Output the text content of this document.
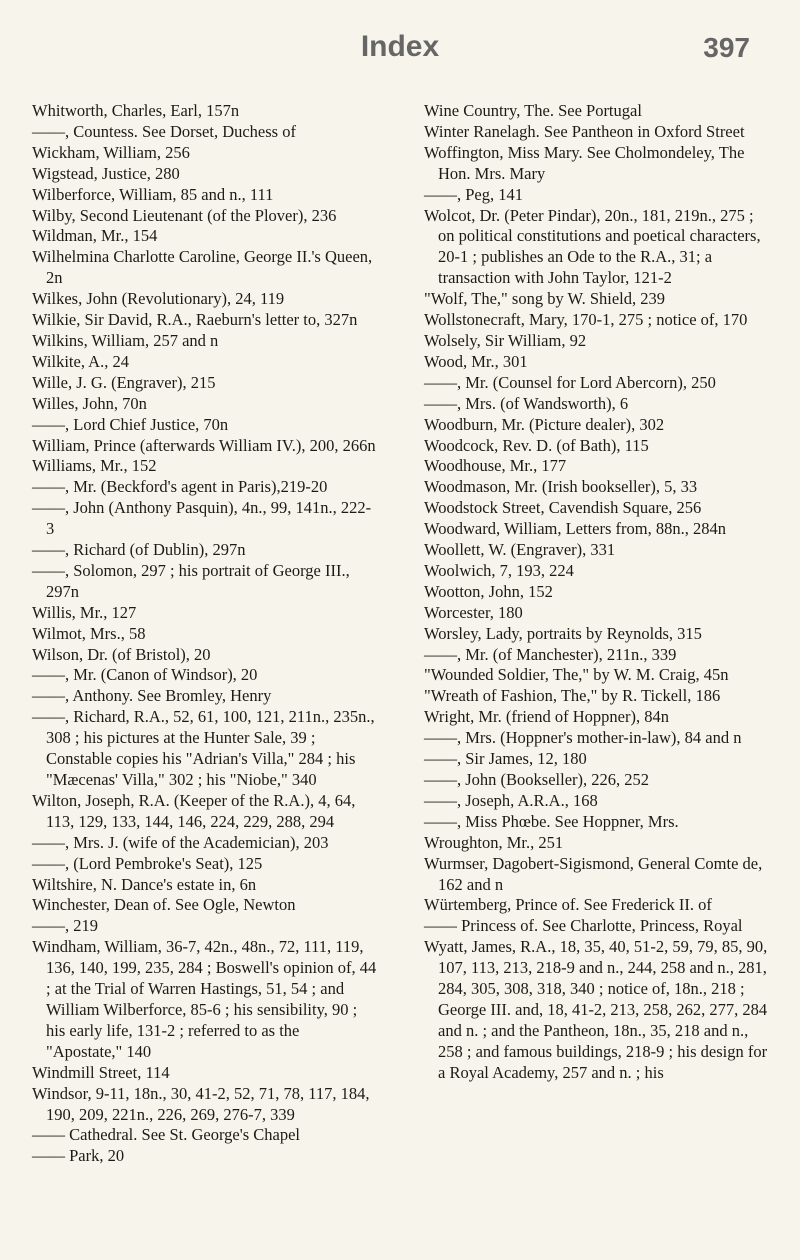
Index	397
Whitworth, Charles, Earl, 157n
——, Countess. See Dorset, Duchess of
Wickham, William, 256
Wigstead, Justice, 280
Wilberforce, William, 85 and n., 111
Wilby, Second Lieutenant (of the Plover), 236
Wildman, Mr., 154
Wilhelmina Charlotte Caroline, George II.'s Queen, 2n
Wilkes, John (Revolutionary), 24, 119
Wilkie, Sir David, R.A., Raeburn's letter to, 327n
Wilkins, William, 257 and n
Wilkite, A., 24
Wille, J. G. (Engraver), 215
Willes, John, 70n
——, Lord Chief Justice, 70n
William, Prince (afterwards William IV.), 200, 266n
Williams, Mr., 152
——, Mr. (Beckford's agent in Paris),219-20
——, John (Anthony Pasquin), 4n., 99, 141n., 222-3
——, Richard (of Dublin), 297n
——, Solomon, 297 ; his portrait of George III., 297n
Willis, Mr., 127
Wilmot, Mrs., 58
Wilson, Dr. (of Bristol), 20
——, Mr. (Canon of Windsor), 20
——, Anthony. See Bromley, Henry
——, Richard, R.A., 52, 61, 100, 121, 211n., 235n., 308 ; his pictures at the Hunter Sale, 39 ; Constable copies his "Adrian's Villa," 284 ; his "Mæcenas' Villa," 302 ; his "Niobe," 340
Wilton, Joseph, R.A. (Keeper of the R.A.), 4, 64, 113, 129, 133, 144, 146, 224, 229, 288, 294
——, Mrs. J. (wife of the Academician), 203
——, (Lord Pembroke's Seat), 125
Wiltshire, N. Dance's estate in, 6n
Winchester, Dean of. See Ogle, Newton
——, 219
Windham, William, 36-7, 42n., 48n., 72, 111, 119, 136, 140, 199, 235, 284 ; Boswell's opinion of, 44 ; at the Trial of Warren Hastings, 51, 54 ; and William Wilberforce, 85-6 ; his sensibility, 90 ; his early life, 131-2 ; referred to as the "Apostate," 140
Windmill Street, 114
Windsor, 9-11, 18n., 30, 41-2, 52, 71, 78, 117, 184, 190, 209, 221n., 226, 269, 276-7, 339
—— Cathedral. See St. George's Chapel
—— Park, 20
Wine Country, The. See Portugal
Winter Ranelagh. See Pantheon in Oxford Street
Woffington, Miss Mary. See Cholmondeley, The Hon. Mrs. Mary
——, Peg, 141
Wolcot, Dr. (Peter Pindar), 20n., 181, 219n., 275 ; on political constitutions and poetical characters, 20-1 ; publishes an Ode to the R.A., 31; a transaction with John Taylor, 121-2
"Wolf, The," song by W. Shield, 239
Wollstonecraft, Mary, 170-1, 275 ; notice of, 170
Wolsely, Sir William, 92
Wood, Mr., 301
——, Mr. (Counsel for Lord Abercorn), 250
——, Mrs. (of Wandsworth), 6
Woodburn, Mr. (Picture dealer), 302
Woodcock, Rev. D. (of Bath), 115
Woodhouse, Mr., 177
Woodmason, Mr. (Irish bookseller), 5, 33
Woodstock Street, Cavendish Square, 256
Woodward, William, Letters from, 88n., 284n
Woollett, W. (Engraver), 331
Woolwich, 7, 193, 224
Wootton, John, 152
Worcester, 180
Worsley, Lady, portraits by Reynolds, 315
——, Mr. (of Manchester), 211n., 339
"Wounded Soldier, The," by W. M. Craig, 45n
"Wreath of Fashion, The," by R. Tickell, 186
Wright, Mr. (friend of Hoppner), 84n
——, Mrs. (Hoppner's mother-in-law), 84 and n
——, Sir James, 12, 180
——, John (Bookseller), 226, 252
——, Joseph, A.R.A., 168
——, Miss Phœbe. See Hoppner, Mrs.
Wroughton, Mr., 251
Wurmser, Dagobert-Sigismond, General Comte de, 162 and n
Würtemberg, Prince of. See Frederick II. of
—— Princess of. See Charlotte, Princess, Royal
Wyatt, James, R.A., 18, 35, 40, 51-2, 59, 79, 85, 90, 107, 113, 213, 218-9 and n., 244, 258 and n., 281, 284, 305, 308, 318, 340 ; notice of, 18n., 218 ; George III. and, 18, 41-2, 213, 258, 262, 277, 284 and n. ; and the Pantheon, 18n., 35, 218 and n., 258 ; and famous buildings, 218-9 ; his design for a Royal Academy, 257 and n. ; his
